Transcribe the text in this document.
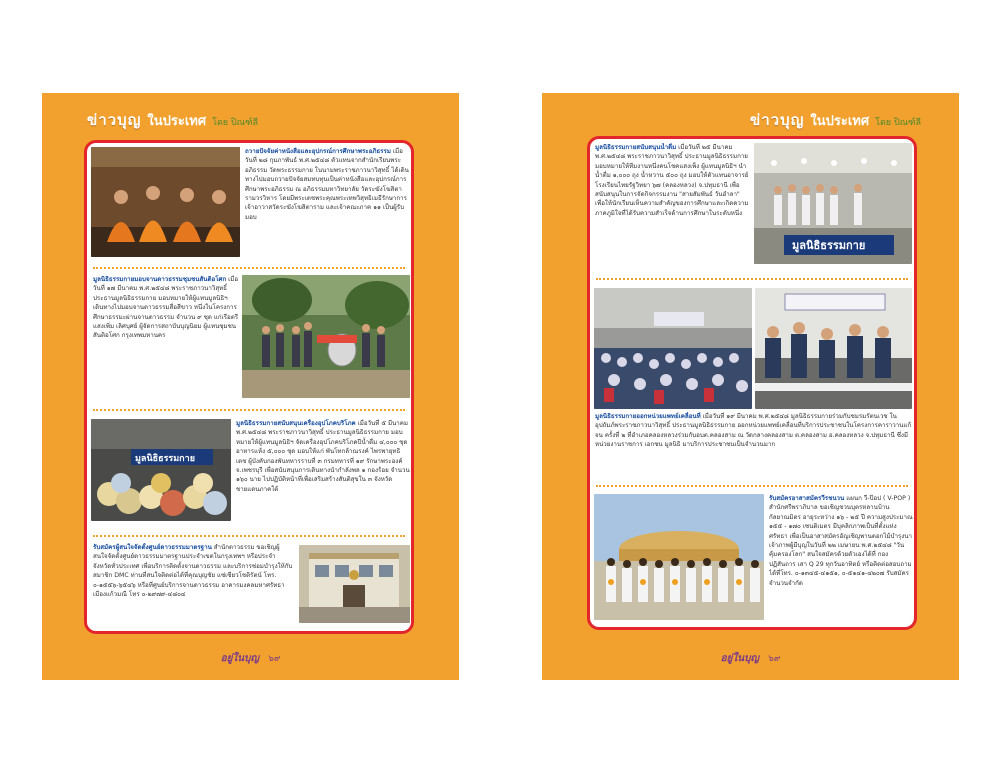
ข่าวบุญ ในประเทศ โดย ปิณฑ์ลี
ถวายปัจจัยค่าหนังสือและอุปกรณ์การศึกษาพระอภิธรรม เมื่อวันที่ ๒๘ กุมภาพันธ์ พ.ศ.๒๕๔๘ ตัวแทนจากสำนักเรียนพระอภิธรรม วัดพระธรรมกาย ในนามพระราชภาวนาวิสุทธิ์ ได้เดินทางไปมอบถวายปัจจัยสมทบทุนเป็นค่าหนังสือและอุปกรณ์การศึกษาพระอภิธรรม ณ อภิธรรมมหาวิทยาลัย วัดระฆังโฆสิตารามวรวิหาร โดยมีพระเดชพระคุณพระเทพวิสุทธิเมธีรักษาการเจ้าอาวาสวัดระฆังโฆสิตาราม และเจ้าคณะภาค ๑๑ เป็นผู้รับมอบ
มูลนิธิธรรมกายมอบจานดาวธรรมชุมชนสันติอโศก เมื่อวันที่ ๑๗ มีนาคม พ.ศ.๒๕๔๘ พระราชภาวนาวิสุทธิ์ ประธานมูลนิธิธรรมกาย มอบหมายให้ผู้แทนมูลนิธิฯ เดินทางไปมอบจานดาวธรรมสื่อสีขาว หนึ่งในโครงการศึกษาธรรมะผ่านจานดาวธรรม จำนวน ๙ ชุด แก่เรือตรีแสงเพิ่ม เลิศบุศย์ ผู้จัดการสถาบันบุญนิยม ผู้แทนชุมชนสันติอโศก กรุงเทพมหานคร
มูลนิธิธรรมกาย
มูลนิธิธรรมกายสนับสนุนเครื่องอุปโภคบริโภค เมื่อวันที่ ๕ มีนาคม พ.ศ.๒๕๔๘ พระราชภาวนาวิสุทธิ์ ประธานมูลนิธิธรรมกาย มอบหมายให้ผู้แทนมูลนิธิฯ จัดเครื่องอุปโภคบริโภคปีน้ำดื่ม ๔,๐๐๐ ชุด อาหารแห้ง ๕,๐๐๐ ชุด มอบให้แก่ พันโทกล้าณรงค์ ไพรพายุทธิเดช ผู้บังคับกองพันทหารราบที่ ๓ กรมทหารที่ ๑๙ รักษาพระองค์ จ.เพชรบุรี เพื่อสนับสนุนการเดินทางนำกำลังพล ๑ กองร้อย จำนวน ๑๖๐ นาย ไปปฏิบัติหน้าที่เพื่อเสริมสร้างสันติสุขใน ๓ จังหวัดชายแดนภาคใต้
รับสมัครผู้สนใจจัดตั้งศูนย์ดาวธรรมมาตรฐาน สำนักดาวธรรม ขอเชิญผู้สนใจจัดตั้งศูนย์ดาวธรรมมาตรฐานประจำเขตในกรุงเทพฯ หรือประจำจังหวัดทั่วประเทศ เพื่อบริการติดตั้งจานดาวธรรม และบริการซ่อมบำรุงให้กับสมาชิก DMC ท่านที่สนใจติดต่อได้ที่คุณบุญชัย แซ่เซียวโชติรัตน์ โทร. ๐-๑๕๕๖-๖๕๔๖ หรือที่ศูนย์บริการจานดาวธรรม อาคารมงคลมหาศรัทธา เมืองแก้วมณี โทร ๐-๒๙๗๙-๔๘๐๔
อยู่ในบุญ ๖๙
ข่าวบุญ ในประเทศ โดย ปิณฑ์ลี
มูลนิธิธรรมกายสนับสนุนน้ำดื่ม เมื่อวันที่ ๒๕ มีนาคม พ.ศ.๒๕๔๘ พระราชภาวนาวิสุทธิ์ ประธานมูลนิธิธรรมกาย มอบหมายให้ทีมงานหนึ่งคนโชคแสงเพ็ง ผู้แทนมูลนิธิฯ นำน้ำดื่ม ๑,๐๐๐ ถุง น้ำหวาน ๕๐๐ ถุง มอบให้ตัวแทนอาจารย์โรงเรียนไทยรัฐวิทยา ๖๗ (คลองหลวง) จ.ปทุมธานี เพื่อสนับสนุนในการจัดกิจกรรมงาน "สายสัมพันธ์ วันอำลา" เพื่อให้นักเรียนเห็นความสำคัญของการศึกษาและเกิดความภาคภูมิใจที่ได้รับความสำเร็จด้านการศึกษาในระดับหนึ่ง
มูลนิธิธรรมกาย
มูลนิธิธรรมกายออกหน่วยแพทย์เคลื่อนที่ เมื่อวันที่ ๑๙ มีนาคม พ.ศ.๒๕๔๘ มูลนิธิธรรมกายร่วมกับชมรมรัตนเวช ในอุปถัมภ์พระราชภาวนาวิสุทธิ์ ประธานมูลนิธิธรรมกาย ออกหน่วยแพทย์เคลื่อนที่บริการประชาชนในโครงการคาราวานแก้จน ครั้งที่ ๒ ที่อำเภอคลองหลวงร่วมกับอบต.คลองสาม ณ วัดกลางคลองสาม ต.คลองสาม อ.คลองหลวง จ.ปทุมธานี ซึ่งมีหน่วยงานราชการ เอกชน มูลนิธิ มาบริการประชาชนเป็นจำนวนมาก
รับสมัครอาสาสมัครวีรชนวน แผนก วี-ป๊อป ( V-POP ) สำนักศรีพราภิบาล ขอเชิญชวนบุตรหลานบ้านกัลยาณมิตร อายุระหว่าง ๑๖ - ๒๕ ปี ความสูงประมาณ ๑๕๕ - ๑๗๐ เซนติเมตร มีบุคลิกภาพเป็นที่ตั้งแห่งศรัทธา เพื่อเป็นอาสาสมัครอัญเชิญพานดอกไม้บำรุงนาเจ้าภาพผู้มีบุญในวันที่ ๒๒ เมษายน พ.ศ.๒๕๔๘ "วันคุ้มครองโลก" สนใจสมัครด้วยตัวเองได้ที่ กองปฏิสันถาร เสา Q 29 ทุกวันอาทิตย์ หรือติดต่อสอบถามได้ที่โทร. ๐-๑๓๔๕-๔๑๕๑, ๐-๕๑๔๑-๔๒๐๗ รับสมัครจำนวนจำกัด
อยู่ในบุญ ๖๙
